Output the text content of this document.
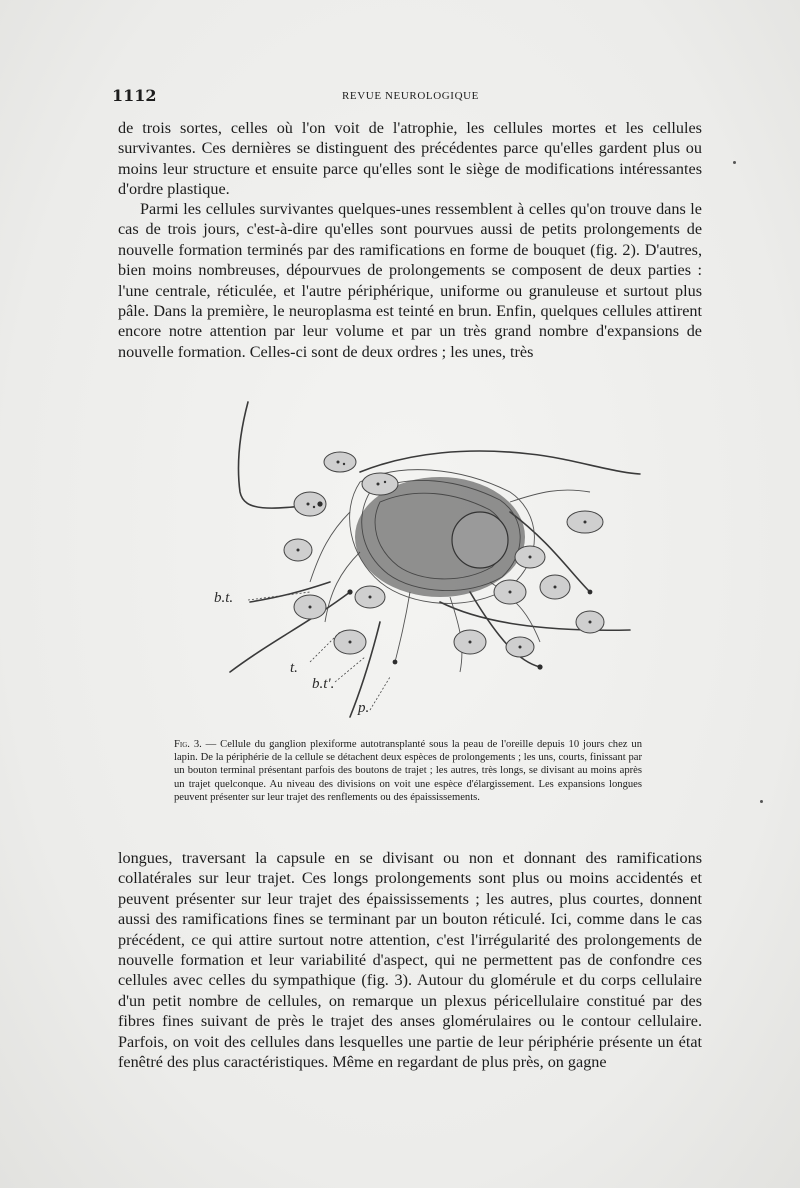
1112	REVUE NEUROLOGIQUE

de trois sortes, celles où l'on voit de l'atrophie, les cellules mortes et les cellules survivantes. Ces dernières se distinguent des précédentes parce qu'elles gardent plus ou moins leur structure et ensuite parce qu'elles sont le siège de modifications intéressantes d'ordre plastique.

Parmi les cellules survivantes quelques-unes ressemblent à celles qu'on trouve dans le cas de trois jours, c'est-à-dire qu'elles sont pourvues aussi de petits prolongements de nouvelle formation terminés par des ramifications en forme de bouquet (fig. 2). D'autres, bien moins nombreuses, dépourvues de prolongements se composent de deux parties : l'une centrale, réticulée, et l'autre périphérique, uniforme ou granuleuse et surtout plus pâle. Dans la première, le neuroplasma est teinté en brun. Enfin, quelques cellules attirent encore notre attention par leur volume et par un très grand nombre d'expansions de nouvelle formation. Celles-ci sont de deux ordres ; les unes, très

b.t.
t.
b.t'.
p.

Fig. 3. — Cellule du ganglion plexiforme autotransplanté sous la peau de l'oreille depuis 10 jours chez un lapin. De la périphérie de la cellule se détachent deux espèces de prolongements ; les uns, courts, finissant par un bouton terminal présentant parfois des boutons de trajet ; les autres, très longs, se divisant au moins après un trajet quelconque. Au niveau des divisions on voit une espèce d'élargissement. Les expansions longues peuvent présenter sur leur trajet des renflements ou des épaississements.

longues, traversant la capsule en se divisant ou non et donnant des ramifications collatérales sur leur trajet. Ces longs prolongements sont plus ou moins accidentés et peuvent présenter sur leur trajet des épaississements ; les autres, plus courtes, donnent aussi des ramifications fines se terminant par un bouton réticulé. Ici, comme dans le cas précédent, ce qui attire surtout notre attention, c'est l'irrégularité des prolongements de nouvelle formation et leur variabilité d'aspect, qui ne permettent pas de confondre ces cellules avec celles du sympathique (fig. 3). Autour du glomérule et du corps cellulaire d'un petit nombre de cellules, on remarque un plexus péricellulaire constitué par des fibres fines suivant de près le trajet des anses glomérulaires ou le contour cellulaire. Parfois, on voit des cellules dans lesquelles une partie de leur périphérie présente un état fenêtré des plus caractéristiques. Même en regardant de plus près, on gagne
